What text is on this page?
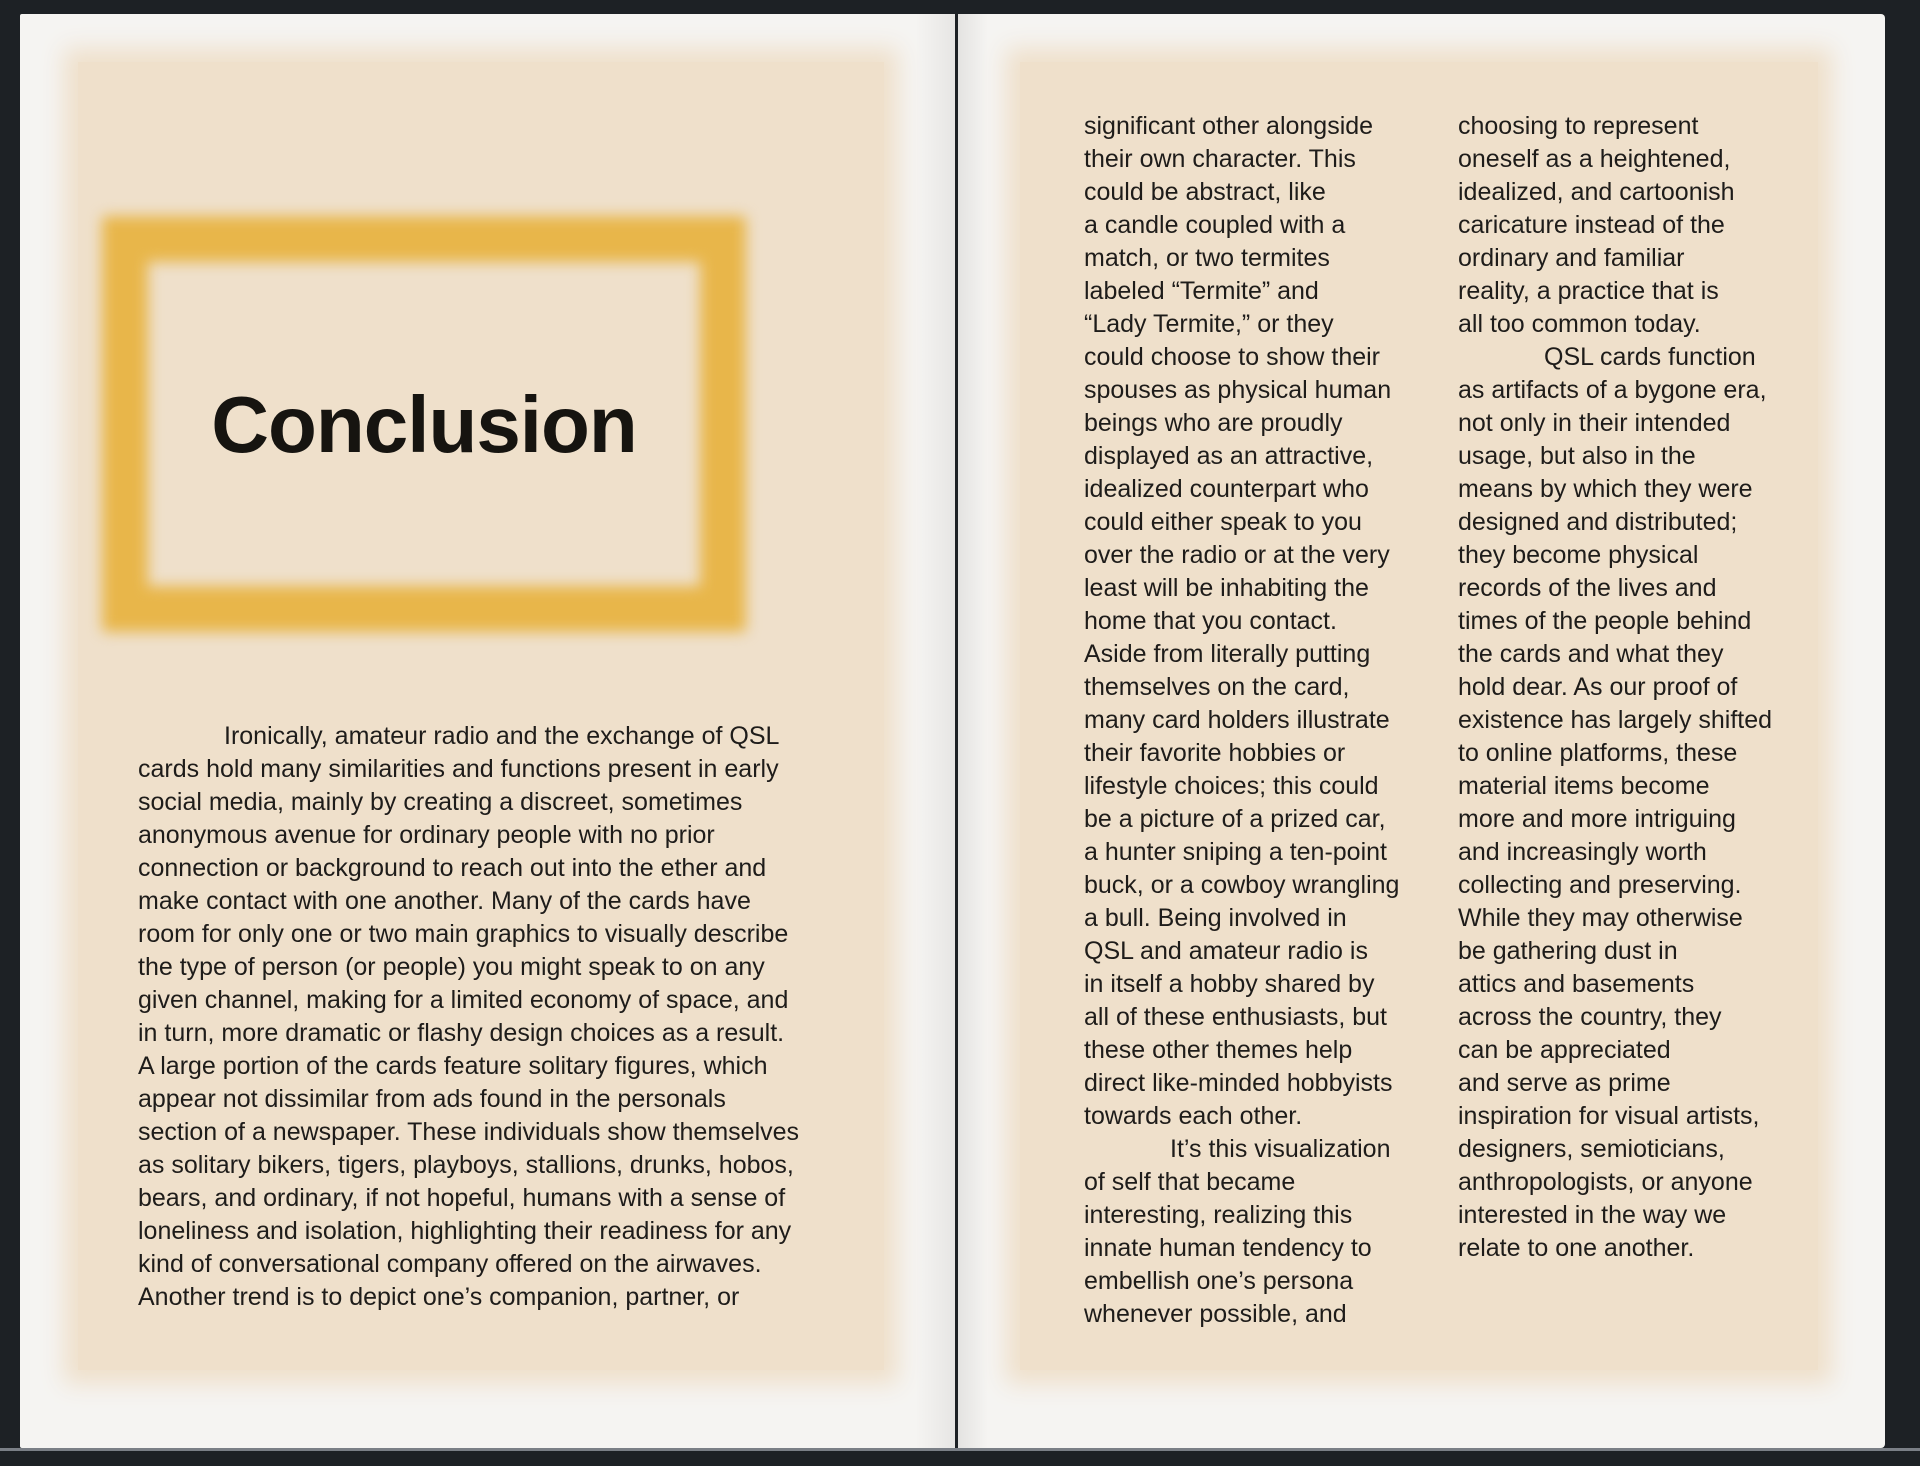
Conclusion

Ironically, amateur radio and the exchange of QSL
cards hold many similarities and functions present in early
social media, mainly by creating a discreet, sometimes
anonymous avenue for ordinary people with no prior
connection or background to reach out into the ether and
make contact with one another. Many of the cards have
room for only one or two main graphics to visually describe
the type of person (or people) you might speak to on any
given channel, making for a limited economy of space, and
in turn, more dramatic or flashy design choices as a result.
A large portion of the cards feature solitary figures, which
appear not dissimilar from ads found in the personals
section of a newspaper. These individuals show themselves
as solitary bikers, tigers, playboys, stallions, drunks, hobos,
bears, and ordinary, if not hopeful, humans with a sense of
loneliness and isolation, highlighting their readiness for any
kind of conversational company offered on the airwaves.
Another trend is to depict one’s companion, partner, or

significant other alongside
their own character. This
could be abstract, like
a candle coupled with a
match, or two termites
labeled “Termite” and
“Lady Termite,” or they
could choose to show their
spouses as physical human
beings who are proudly
displayed as an attractive,
idealized counterpart who
could either speak to you
over the radio or at the very
least will be inhabiting the
home that you contact.
Aside from literally putting
themselves on the card,
many card holders illustrate
their favorite hobbies or
lifestyle choices; this could
be a picture of a prized car,
a hunter sniping a ten-point
buck, or a cowboy wrangling
a bull. Being involved in
QSL and amateur radio is
in itself a hobby shared by
all of these enthusiasts, but
these other themes help
direct like-minded hobbyists
towards each other.
It’s this visualization
of self that became
interesting, realizing this
innate human tendency to
embellish one’s persona
whenever possible, and

choosing to represent
oneself as a heightened,
idealized, and cartoonish
caricature instead of the
ordinary and familiar
reality, a practice that is
all too common today.
QSL cards function
as artifacts of a bygone era,
not only in their intended
usage, but also in the
means by which they were
designed and distributed;
they become physical
records of the lives and
times of the people behind
the cards and what they
hold dear. As our proof of
existence has largely shifted
to online platforms, these
material items become
more and more intriguing
and increasingly worth
collecting and preserving.
While they may otherwise
be gathering dust in
attics and basements
across the country, they
can be appreciated
and serve as prime
inspiration for visual artists,
designers, semioticians,
anthropologists, or anyone
interested in the way we
relate to one another.
